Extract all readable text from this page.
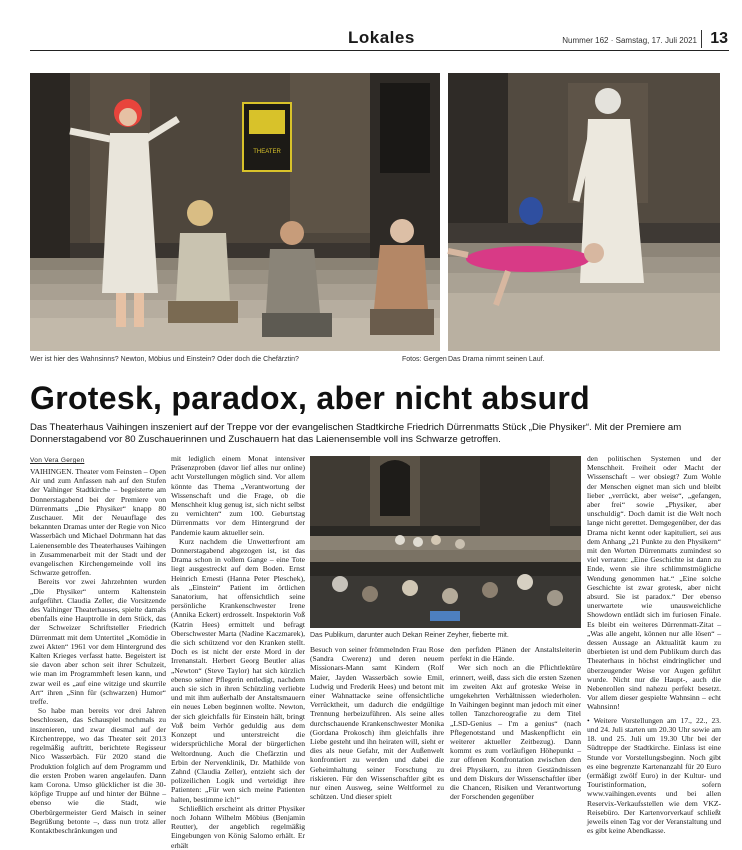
Lokales	Nummer 162 · Samstag, 17. Juli 2021 13
THEATER
Wer ist hier des Wahnsinns? Newton, Möbius und Einstein? Oder doch die Chefärztin?	Fotos: Gergen Das Drama nimmt seinen Lauf.
Grotesk, paradox, aber nicht absurd
Das Theaterhaus Vaihingen inszeniert auf der Treppe vor der evangelischen Stadtkirche Friedrich Dürrenmatts Stück „Die Physiker“. Mit der Premiere am Donnerstagabend vor 80 Zuschauerinnen und Zuschauern hat das Laienensemble voll ins Schwarze getroffen.
Von Vera Gergen

VAIHINGEN. Theater vom Feinsten – Open Air und zum Anfassen nah auf den Stufen der Vaihinger Stadtkirche – begeisterte am Donnerstagabend bei der Premiere von Dürrenmatts „Die Physiker“ knapp 80 Zuschauer. Mit der Neuauflage des bekannten Dramas unter der Regie von Nico Wasserbäch und Michael Dohrmann hat das Laienensemble des Theaterhauses Vaihingen in Zusammenarbeit mit der Stadt und der evangelischen Kirchengemeinde voll ins Schwarze getroffen.

Bereits vor zwei Jahrzehnten wurden „Die Physiker“ unterm Kaltenstein aufgeführt. Claudia Zeller, die Vorsitzende des Vaihinger Theaterhauses, spielte damals ebenfalls eine Hauptrolle in dem Stück, das der Schweizer Schriftsteller Friedrich Dürrenmatt mit dem Untertitel „Komödie in zwei Akten“ 1961 vor dem Hintergrund des Kalten Krieges verfasst hatte. Begeistert ist sie davon aber schon seit ihrer Schulzeit, wie man im Programmheft lesen kann, und zwar weil es „auf eine witzige und skurrile Art“ ihren „Sinn für (schwarzen) Humor“ treffe.

So habe man bereits vor drei Jahren beschlossen, das Schauspiel nochmals zu inszenieren, und zwar diesmal auf der Kirchentreppe, wo das Theater seit 2013 regelmäßig auftritt, berichtete Regisseur Nico Wasserbäch. Für 2020 stand die Produktion folglich auf dem Programm und die ersten Proben waren angelaufen. Dann kam Corona. Umso glücklicher ist die 30-köpfige Truppe auf und hinter der Bühne – ebenso wie die Stadt, wie Oberbürgermeister Gerd Maisch in seiner Begrüßung betonte –, dass nun trotz aller Kontaktbeschränkungen und

mit lediglich einem Monat intensiver Präsenzproben (davor lief alles nur online) acht Vorstellungen möglich sind. Vor allem könnte das Thema „Verantwortung der Wissenschaft und die Frage, ob die Menschheit klug genug ist, sich nicht selbst zu vernichten“ zum 100. Geburtstag Dürrenmatts vor dem Hintergrund der Pandemie kaum aktueller sein.

Kurz nachdem die Unwetterfront am Donnerstagabend abgezogen ist, ist das Drama schon in vollem Gange – eine Tote liegt ausgestreckt auf dem Boden. Ernst Heinrich Ernesti (Hanna Peter Pleschek), als „Einstein“ Patient im örtlichen Sanatorium, hat offensichtlich seine persönliche Krankenschwester Irene (Annika Eckert) erdrosselt. Inspektorin Voß (Katrin Hees) ermittelt und befragt Oberschwester Marta (Nadine Kaczmarek), die sich schützend vor den Kranken stellt. Doch es ist nicht der erste Mord in der Irrenanstalt. Herbert Georg Beutler alias „Newton“ (Steve Taylor) hat sich kürzlich ebenso seiner Pflegerin entledigt, nachdem auch sie sich in ihren Schützling verliebte und mit ihm außerhalb der Anstaltsmauern ein neues Leben beginnen wollte. Newton, der sich gleichfalls für Einstein hält, bringt Voß beim Verhör geduldig aus dem Konzept und unterstreicht die widersprüchliche Moral der bürgerlichen Weltordnung. Auch die Chefärztin und Erbin der Nervenklinik, Dr. Mathilde von Zahnd (Claudia Zeller), entzieht sich der polizeilichen Logik und verteidigt ihre Patienten: „Für wen sich meine Patienten halten, bestimme ich!“

Schließlich erscheint als dritter Physiker noch Johann Wilhelm Möbius (Benjamin Reutter), der angeblich regelmäßig Eingebungen von König Salomo erhält. Er erhält

Das Publikum, darunter auch Dekan Reiner Zeyher, fieberte mit.

Besuch von seiner frömmelnden Frau Rose (Sandra Cwerenz) und deren neuem Missionars-Mann samt Kindern (Rolf Maier, Jayden Wasserbäch sowie Emil, Ludwig und Frederik Hees) und betont mit einer Wahnattacke seine offensichtliche Verrücktheit, um dadurch die endgültige Trennung herbeizuführen. Als seine alles durchschauende Krankenschwester Monika (Gordana Prokosch) ihm gleichfalls ihre Liebe gesteht und ihn heiraten will, sieht er dies als neue Gefahr, mit der Außenwelt konfrontiert zu werden und dabei die Geheimhaltung seiner Forschung zu riskieren. Für den Wissenschaftler gibt es nur einen Ausweg, seine Weltformel zu schützen. Und dieser spielt

den perfiden Plänen der Anstaltsleiterin perfekt in die Hände.

Wer sich noch an die Pflichtlektüre erinnert, weiß, dass sich die ersten Szenen im zweiten Akt auf groteske Weise in umgekehrten Verhältnissen wiederholen. In Vaihingen beginnt man jedoch mit einer tollen Tanzchoreografie zu dem Titel „LSD-Genius – I'm a genius“ (nach Pflegenotstand und Maskenpflicht ein weiterer aktueller Zeitbezug). Dann kommt es zum vorläufigen Höhepunkt – zur offenen Konfrontation zwischen den drei Physikern, zu ihren Geständnissen und dem Diskurs der Wissenschaftler über die Chancen, Risiken und Verantwortung der Forschenden gegenüber

den politischen Systemen und der Menschheit. Freiheit oder Macht der Wissenschaft – wer obsiegt? Zum Wohle der Menschen eignet man sich und bleibt lieber „verrückt, aber weise“, „gefangen, aber frei“ sowie „Physiker, aber unschuldig“. Doch damit ist die Welt noch lange nicht gerettet. Demgegenüber, der das Drama nicht kennt oder kapituliert, sei aus dem Anhang „21 Punkte zu den Physikern“ mit den Worten Dürrenmatts zumindest so viel verraten: „Eine Geschichte ist dann zu Ende, wenn sie ihre schlimmstmögliche Wendung genommen hat.“ „Eine solche Geschichte ist zwar grotesk, aber nicht absurd. Sie ist paradox.“ Der ebenso unerwartete wie unausweichliche Showdown entlädt sich im furiosen Finale. Es bleibt ein weiteres Dürrenmatt-Zitat – „Was alle angeht, können nur alle lösen“ – dessen Aussage an Aktualität kaum zu überbieten ist und dem Publikum durch das Theaterhaus in höchst eindringlicher und überzeugender Weise vor Augen geführt wurde. Nicht nur die Haupt-, auch die Nebenrollen sind nahezu perfekt besetzt. Vor allem dieser gespielte Wahnsinn – echt Wahnsinn!

• Weitere Vorstellungen am 17., 22., 23. und 24. Juli starten um 20.30 Uhr sowie am 18. und 25. Juli um 19.30 Uhr bei der Südtreppe der Stadtkirche. Einlass ist eine Stunde vor Vorstellungsbeginn. Noch gibt es eine begrenzte Kartenanzahl für 20 Euro (ermäßigt zwölf Euro) in der Kultur- und Touristinformation, sofern www.vaihingen.events und bei allen Reservix-Verkaufsstellen wie dem VKZ-Reisebüro. Der Kartenvorverkauf schließt jeweils einen Tag vor der Veranstaltung und es gibt keine Abendkasse.
